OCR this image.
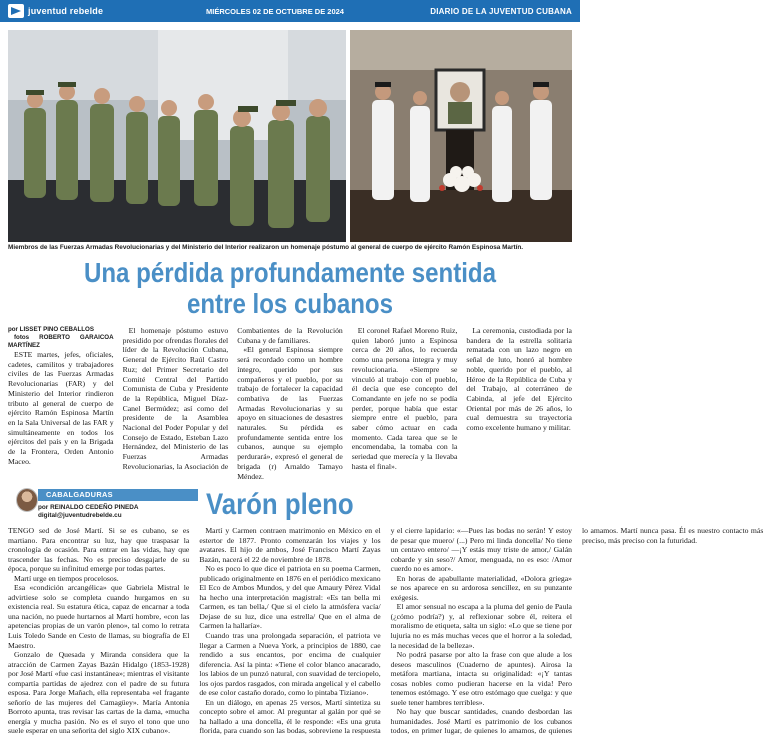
juventud rebelde	MIÉRCOLES 02 DE OCTUBRE DE 2024	DIARIO DE LA JUVENTUD CUBANA
Miembros de las Fuerzas Armadas Revolucionarias y del Ministerio del Interior realizaron un homenaje póstumo al general de cuerpo de ejército Ramón Espinosa Martín.
Una pérdida profundamente sentida
entre los cubanos

por LISSET PINO CEBALLOS

fotos ROBERTO GARAICOA MARTÍNEZ

ESTE martes, jefes, oficiales, cadetes, camilitos y trabajadores civiles de las Fuerzas Armadas Revolucionarias (FAR) y del Ministerio del Interior rindieron tributo al general de cuerpo de ejército Ramón Espinosa Martín en la Sala Universal de las FAR y simultáneamente en todos los ejércitos del país y en la Brigada de la Frontera, Orden Antonio Maceo.

El homenaje póstumo estuvo presidido por ofrendas florales del líder de la Revolución Cubana, General de Ejército Raúl Castro Ruz; del Primer Secretario del Comité Central del Partido Comunista de Cuba y Presidente de la República, Miguel Díaz-Canel Bermúdez; así como del presidente de la Asamblea Nacional del Poder Popular y del Consejo de Estado, Esteban Lazo Hernández, del Ministerio de las Fuerzas Armadas Revolucionarias, la Asociación de Combatientes de la Revolución Cubana y de familiares.

«El general Espinosa siempre será recordado como un hombre íntegro, querido por sus compañeros y el pueblo, por su trabajo de fortalecer la capacidad combativa de las Fuerzas Armadas Revolucionarias y su apoyo en situaciones de desastres naturales. Su pérdida es profundamente sentida entre los cubanos, aunque su ejemplo perdurará», expresó el general de brigada (r) Arnaldo Tamayo Méndez.

El coronel Rafael Moreno Ruiz, quien laboró junto a Espinosa cerca de 20 años, lo recuerda como una persona íntegra y muy revolucionaria. «Siempre se vinculó al trabajo con el pueblo, él decía que ese concepto del Comandante en jefe no se podía perder, porque había que estar siempre entre el pueblo, para saber cómo actuar en cada momento. Cada tarea que se le encomendaba, la tomaba con la seriedad que merecía y la llevaba hasta el final».

La ceremonia, custodiada por la bandera de la estrella solitaria rematada con un lazo negro en señal de luto, honró al hombre noble, querido por el pueblo, al Héroe de la República de Cuba y del Trabajo, al coterráneo de Cabinda, al jefe del Ejército Oriental por más de 26 años, lo cual demuestra su trayectoria como excelente humano y militar.

CABALGADURAS
por REINALDO CEDEÑO PINEDA
digital@juventudrebelde.cu	Varón pleno

TENGO sed de José Martí. Si se es cubano, se es martiano. Para encontrar su luz, hay que traspasar la cronología de ocasión. Para entrar en las vidas, hay que trascender las fechas. No es preciso desgajarle de su época, porque su infinitud emerge por todas partes.

Martí urge en tiempos procelosos.

Esa «condición arcangélica» que Gabriela Mistral le advirtiese solo se completa cuando hurgamos en su existencia real. Su estatura ética, capaz de encarnar a toda una nación, no puede hurtarnos al Martí hombre, «con las apetencias propias de un varón pleno», tal como lo retrata Luis Toledo Sande en Cesto de llamas, su biografía de El Maestro.

Gonzalo de Quesada y Miranda considera que la atracción de Carmen Zayas Bazán Hidalgo (1853-1928) por José Martí «fue casi instantánea»; mientras el visitante compartía partidas de ajedrez con el padre de su futura esposa. Para Jorge Mañach, ella representaba «el fragante señorío de las mujeres del Camagüey». María Antonia Borroto apunta, tras revisar las cartas de la dama, «mucha energía y mucha pasión. No es el suyo el tono que uno suele esperar en una señorita del siglo XIX cubano».

Martí y Carmen contraen matrimonio en México en el estertor de 1877. Pronto comenzarán los viajes y los avatares. El hijo de ambos, José Francisco Martí Zayas Bazán, nacerá el 22 de noviembre de 1878.

No es poco lo que dice el patriota en su poema Carmen, publicado originalmente en 1876 en el periódico mexicano El Eco de Ambos Mundos, y del que Amaury Pérez Vidal ha hecho una interpretación magistral: «Es tan bella mi Carmen, es tan bella,/ Que si el cielo la atmósfera vacía/ Dejase de su luz, dice una estrella/ Que en el alma de Carmen la hallaría».

Cuando tras una prolongada separación, el patriota ve llegar a Carmen a Nueva York, a principios de 1880, cae rendido a sus encantos, por encima de cualquier diferencia. Así la pinta: «Tiene el color blanco anacarado, los labios de un punzó natural, con suavidad de terciopelo, los ojos pardos rasgados, con mirada angelical y el cabello de ese color castaño dorado, como lo pintaba Tiziano».

En un diálogo, en apenas 25 versos, Martí sintetiza su concepto sobre el amor. Al preguntar al galán por qué se ha hallado a una doncella, él le responde: «Es una gruta florida, para cuando son las bodas, sobreviene la respuesta y el cierre lapidario: «—Pues las bodas no serán! Y estoy de pesar que muero/ (...) Pero mi linda doncella/ No tiene un centavo entero/ —¡Y estás muy triste de amor,/ Galán cobarde y sin seso?/ Amor, menguada, no es eso: /Amor cuerdo no es amor».

En horas de apabullante materialidad, «Dolora griega» se nos aparece en su ardorosa sencillez, en su punzante exégesis.

El amor sensual no escapa a la pluma del genio de Paula (¿cómo podría?) y, al reflexionar sobre él, reitera el moralismo de etiqueta, salta un siglo: «Lo que se tiene por lujuria no es más muchas veces que el horror a la soledad, la necesidad de la belleza».

No podrá pasarse por alto la frase con que alude a los deseos masculinos (Cuaderno de apuntes). Airosa la metáfora martiana, intacta su originalidad: «¡Y tantas cosas nobles como pudieran hacerse en la vida! Pero tenemos estómago. Y ese otro estómago que cuelga: y que suele tener hambres terribles».

No hay que buscar santidades, cuando desbordan las humanidades. José Martí es patrimonio de los cubanos todos, en primer lugar, de quienes lo amamos, de quienes lo amamos. Martí nunca pasa. Él es nuestro contacto más preciso, más preciso con la futuridad.
